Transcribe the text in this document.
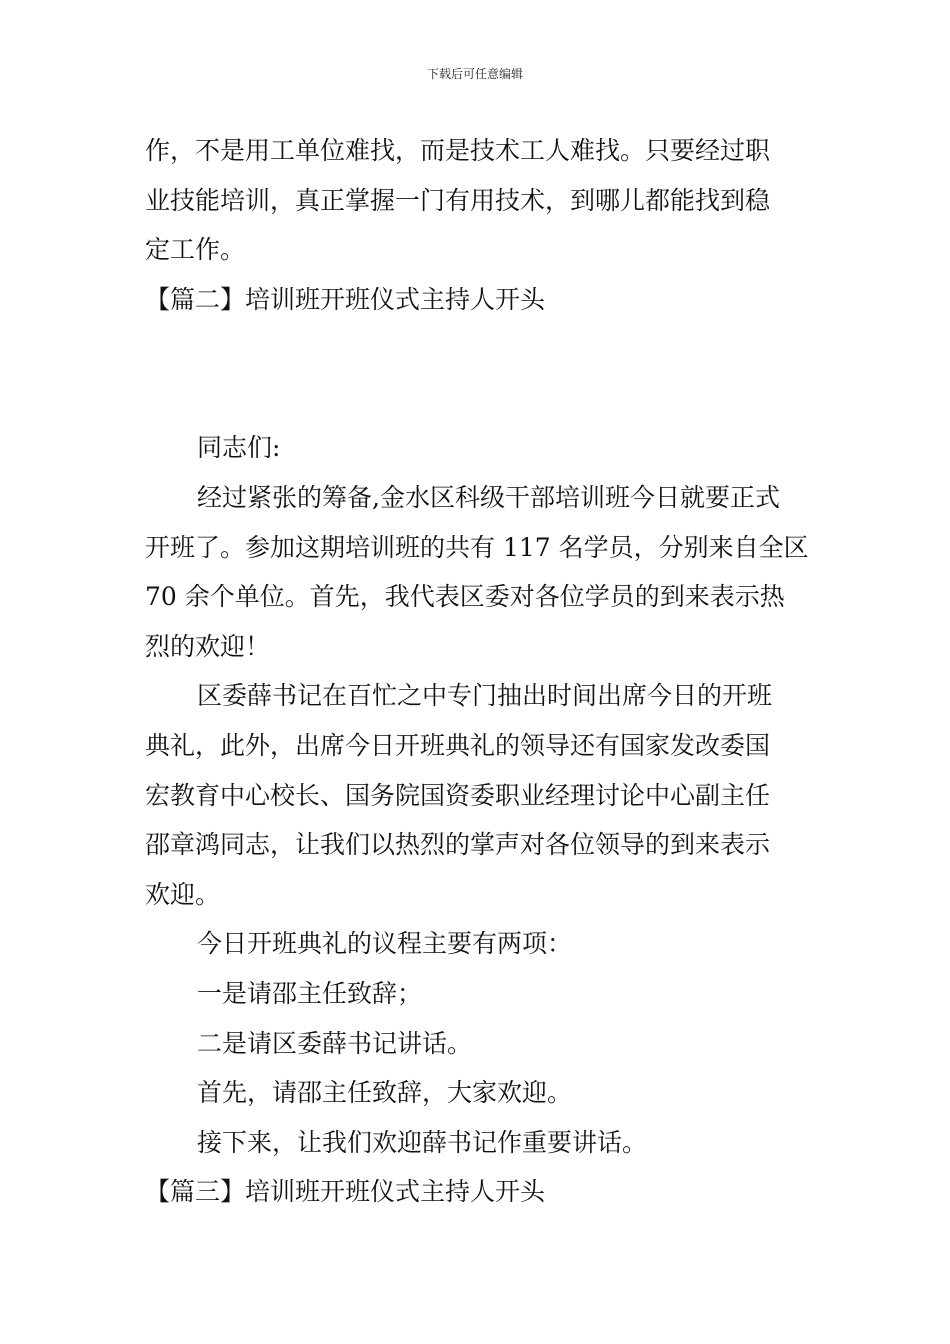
下载后可任意编辑

作，不是用工单位难找，而是技术工人难找。只要经过职

业技能培训，真正掌握一门有用技术，到哪儿都能找到稳

定工作。

【篇二】培训班开班仪式主持人开头

同志们:

经过紧张的筹备,金水区科级干部培训班今日就要正式

开班了。参加这期培训班的共有 117 名学员，分别来自全区

70 余个单位。首先，我代表区委对各位学员的到来表示热

烈的欢迎！

区委薛书记在百忙之中专门抽出时间出席今日的开班

典礼，此外，出席今日开班典礼的领导还有国家发改委国

宏教育中心校长、国务院国资委职业经理讨论中心副主任

邵章鸿同志，让我们以热烈的掌声对各位领导的到来表示

欢迎。

今日开班典礼的议程主要有两项：

一是请邵主任致辞；

二是请区委薛书记讲话。

首先，请邵主任致辞，大家欢迎。

接下来，让我们欢迎薛书记作重要讲话。

【篇三】培训班开班仪式主持人开头
